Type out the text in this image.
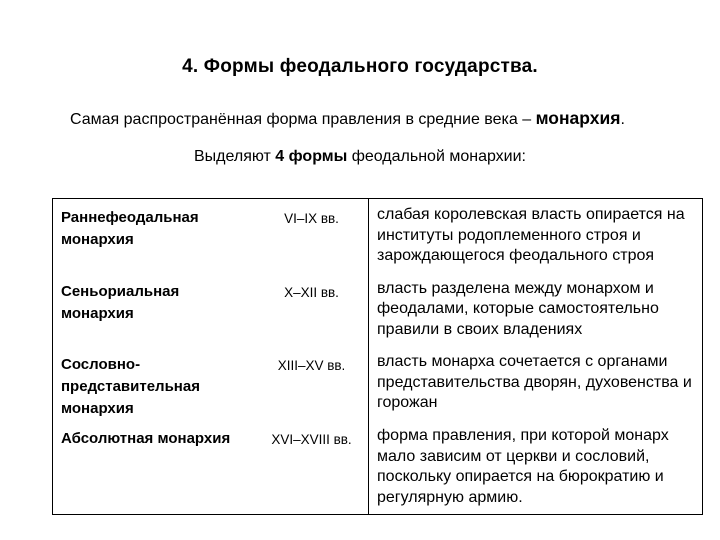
4. Формы феодального государства.
Самая распространённая форма правления в средние века – монархия.
Выделяют 4 формы феодальной монархии:
Раннефеодальная монархия	VI–IX вв.	слабая королевская власть опирается на институты родоплеменного строя и зарождающегося феодального строя
Сеньориальная монархия	X–XII вв.	власть разделена между монархом и феодалами, которые самостоятельно правили в своих владениях
Сословно-представительная монархия	XIII–XV вв.	власть монарха сочетается с органами представительства дворян, духовенства и горожан
Абсолютная монархия	XVI–XVIII вв.	форма правления, при которой монарх мало зависим от церкви и сословий, поскольку опирается на бюрократию и регулярную армию.
